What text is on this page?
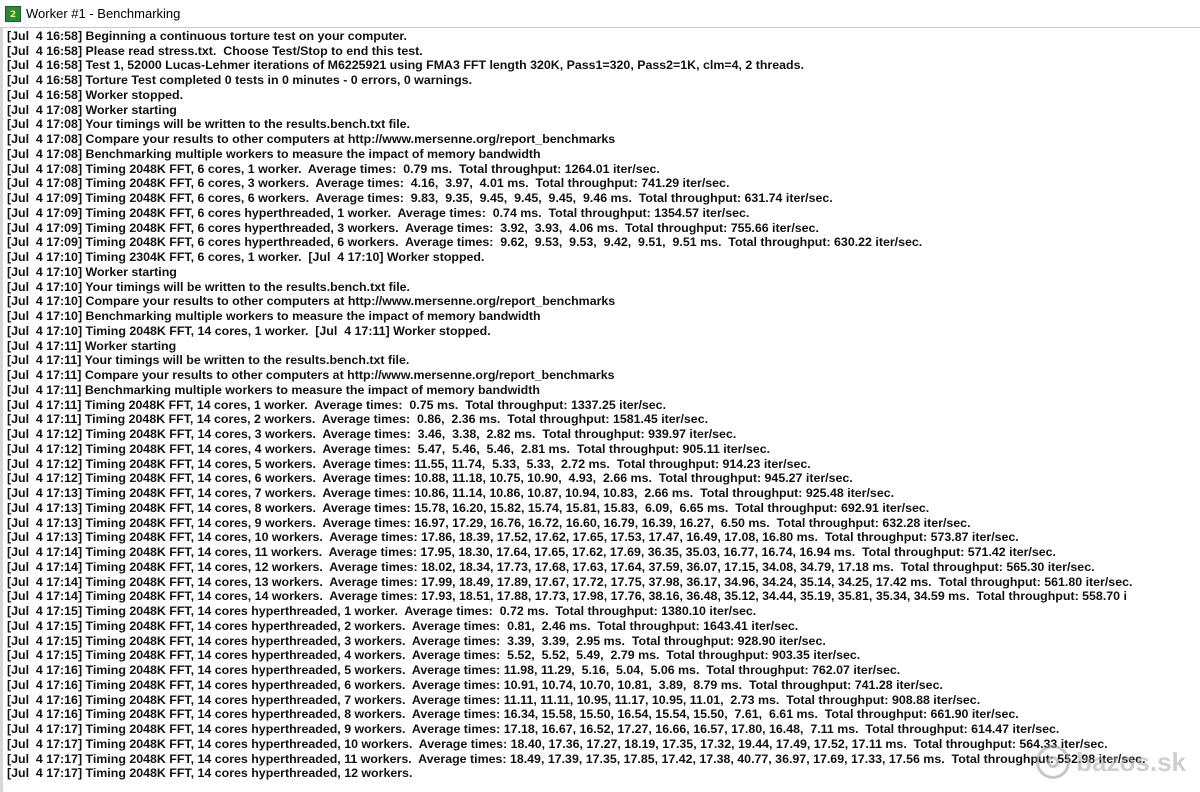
2 Worker #1 - Benchmarking
[Jul  4 16:58] Beginning a continuous torture test on your computer.
[Jul  4 16:58] Please read stress.txt.  Choose Test/Stop to end this test.
[Jul  4 16:58] Test 1, 52000 Lucas-Lehmer iterations of M6225921 using FMA3 FFT length 320K, Pass1=320, Pass2=1K, clm=4, 2 threads.
[Jul  4 16:58] Torture Test completed 0 tests in 0 minutes - 0 errors, 0 warnings.
[Jul  4 16:58] Worker stopped.
[Jul  4 17:08] Worker starting
[Jul  4 17:08] Your timings will be written to the results.bench.txt file.
[Jul  4 17:08] Compare your results to other computers at http://www.mersenne.org/report_benchmarks
[Jul  4 17:08] Benchmarking multiple workers to measure the impact of memory bandwidth
[Jul  4 17:08] Timing 2048K FFT, 6 cores, 1 worker.  Average times:  0.79 ms.  Total throughput: 1264.01 iter/sec.
[Jul  4 17:08] Timing 2048K FFT, 6 cores, 3 workers.  Average times:  4.16,  3.97,  4.01 ms.  Total throughput: 741.29 iter/sec.
[Jul  4 17:09] Timing 2048K FFT, 6 cores, 6 workers.  Average times:  9.83,  9.35,  9.45,  9.45,  9.45,  9.46 ms.  Total throughput: 631.74 iter/sec.
[Jul  4 17:09] Timing 2048K FFT, 6 cores hyperthreaded, 1 worker.  Average times:  0.74 ms.  Total throughput: 1354.57 iter/sec.
[Jul  4 17:09] Timing 2048K FFT, 6 cores hyperthreaded, 3 workers.  Average times:  3.92,  3.93,  4.06 ms.  Total throughput: 755.66 iter/sec.
[Jul  4 17:09] Timing 2048K FFT, 6 cores hyperthreaded, 6 workers.  Average times:  9.62,  9.53,  9.53,  9.42,  9.51,  9.51 ms.  Total throughput: 630.22 iter/sec.
[Jul  4 17:10] Timing 2304K FFT, 6 cores, 1 worker.  [Jul  4 17:10] Worker stopped.
[Jul  4 17:10] Worker starting
[Jul  4 17:10] Your timings will be written to the results.bench.txt file.
[Jul  4 17:10] Compare your results to other computers at http://www.mersenne.org/report_benchmarks
[Jul  4 17:10] Benchmarking multiple workers to measure the impact of memory bandwidth
[Jul  4 17:10] Timing 2048K FFT, 14 cores, 1 worker.  [Jul  4 17:11] Worker stopped.
[Jul  4 17:11] Worker starting
[Jul  4 17:11] Your timings will be written to the results.bench.txt file.
[Jul  4 17:11] Compare your results to other computers at http://www.mersenne.org/report_benchmarks
[Jul  4 17:11] Benchmarking multiple workers to measure the impact of memory bandwidth
[Jul  4 17:11] Timing 2048K FFT, 14 cores, 1 worker.  Average times:  0.75 ms.  Total throughput: 1337.25 iter/sec.
[Jul  4 17:11] Timing 2048K FFT, 14 cores, 2 workers.  Average times:  0.86,  2.36 ms.  Total throughput: 1581.45 iter/sec.
[Jul  4 17:12] Timing 2048K FFT, 14 cores, 3 workers.  Average times:  3.46,  3.38,  2.82 ms.  Total throughput: 939.97 iter/sec.
[Jul  4 17:12] Timing 2048K FFT, 14 cores, 4 workers.  Average times:  5.47,  5.46,  5.46,  2.81 ms.  Total throughput: 905.11 iter/sec.
[Jul  4 17:12] Timing 2048K FFT, 14 cores, 5 workers.  Average times: 11.55, 11.74,  5.33,  5.33,  2.72 ms.  Total throughput: 914.23 iter/sec.
[Jul  4 17:12] Timing 2048K FFT, 14 cores, 6 workers.  Average times: 10.88, 11.18, 10.75, 10.90,  4.93,  2.66 ms.  Total throughput: 945.27 iter/sec.
[Jul  4 17:13] Timing 2048K FFT, 14 cores, 7 workers.  Average times: 10.86, 11.14, 10.86, 10.87, 10.94, 10.83,  2.66 ms.  Total throughput: 925.48 iter/sec.
[Jul  4 17:13] Timing 2048K FFT, 14 cores, 8 workers.  Average times: 15.78, 16.20, 15.82, 15.74, 15.81, 15.83,  6.09,  6.65 ms.  Total throughput: 692.91 iter/sec.
[Jul  4 17:13] Timing 2048K FFT, 14 cores, 9 workers.  Average times: 16.97, 17.29, 16.76, 16.72, 16.60, 16.79, 16.39, 16.27,  6.50 ms.  Total throughput: 632.28 iter/sec.
[Jul  4 17:13] Timing 2048K FFT, 14 cores, 10 workers.  Average times: 17.86, 18.39, 17.52, 17.62, 17.65, 17.53, 17.47, 16.49, 17.08, 16.80 ms.  Total throughput: 573.87 iter/sec.
[Jul  4 17:14] Timing 2048K FFT, 14 cores, 11 workers.  Average times: 17.95, 18.30, 17.64, 17.65, 17.62, 17.69, 36.35, 35.03, 16.77, 16.74, 16.94 ms.  Total throughput: 571.42 iter/sec.
[Jul  4 17:14] Timing 2048K FFT, 14 cores, 12 workers.  Average times: 18.02, 18.34, 17.73, 17.68, 17.63, 17.64, 37.59, 36.07, 17.15, 34.08, 34.79, 17.18 ms.  Total throughput: 565.30 iter/sec.
[Jul  4 17:14] Timing 2048K FFT, 14 cores, 13 workers.  Average times: 17.99, 18.49, 17.89, 17.67, 17.72, 17.75, 37.98, 36.17, 34.96, 34.24, 35.14, 34.25, 17.42 ms.  Total throughput: 561.80 iter/sec.
[Jul  4 17:14] Timing 2048K FFT, 14 cores, 14 workers.  Average times: 17.93, 18.51, 17.88, 17.73, 17.98, 17.76, 38.16, 36.48, 35.12, 34.44, 35.19, 35.81, 35.34, 34.59 ms.  Total throughput: 558.70 i
[Jul  4 17:15] Timing 2048K FFT, 14 cores hyperthreaded, 1 worker.  Average times:  0.72 ms.  Total throughput: 1380.10 iter/sec.
[Jul  4 17:15] Timing 2048K FFT, 14 cores hyperthreaded, 2 workers.  Average times:  0.81,  2.46 ms.  Total throughput: 1643.41 iter/sec.
[Jul  4 17:15] Timing 2048K FFT, 14 cores hyperthreaded, 3 workers.  Average times:  3.39,  3.39,  2.95 ms.  Total throughput: 928.90 iter/sec.
[Jul  4 17:15] Timing 2048K FFT, 14 cores hyperthreaded, 4 workers.  Average times:  5.52,  5.52,  5.49,  2.79 ms.  Total throughput: 903.35 iter/sec.
[Jul  4 17:16] Timing 2048K FFT, 14 cores hyperthreaded, 5 workers.  Average times: 11.98, 11.29,  5.16,  5.04,  5.06 ms.  Total throughput: 762.07 iter/sec.
[Jul  4 17:16] Timing 2048K FFT, 14 cores hyperthreaded, 6 workers.  Average times: 10.91, 10.74, 10.70, 10.81,  3.89,  8.79 ms.  Total throughput: 741.28 iter/sec.
[Jul  4 17:16] Timing 2048K FFT, 14 cores hyperthreaded, 7 workers.  Average times: 11.11, 11.11, 10.95, 11.17, 10.95, 11.01,  2.73 ms.  Total throughput: 908.88 iter/sec.
[Jul  4 17:16] Timing 2048K FFT, 14 cores hyperthreaded, 8 workers.  Average times: 16.34, 15.58, 15.50, 16.54, 15.54, 15.50,  7.61,  6.61 ms.  Total throughput: 661.90 iter/sec.
[Jul  4 17:17] Timing 2048K FFT, 14 cores hyperthreaded, 9 workers.  Average times: 17.18, 16.67, 16.52, 17.27, 16.66, 16.57, 17.80, 16.48,  7.11 ms.  Total throughput: 614.47 iter/sec.
[Jul  4 17:17] Timing 2048K FFT, 14 cores hyperthreaded, 10 workers.  Average times: 18.40, 17.36, 17.27, 18.19, 17.35, 17.32, 19.44, 17.49, 17.52, 17.11 ms.  Total throughput: 564.33 iter/sec.
[Jul  4 17:17] Timing 2048K FFT, 14 cores hyperthreaded, 11 workers.  Average times: 18.49, 17.39, 17.35, 17.85, 17.42, 17.38, 40.77, 36.97, 17.69, 17.33, 17.56 ms.  Total throughput: 552.98 iter/sec.
[Jul  4 17:17] Timing 2048K FFT, 14 cores hyperthreaded, 12 workers.	bazos.sk
